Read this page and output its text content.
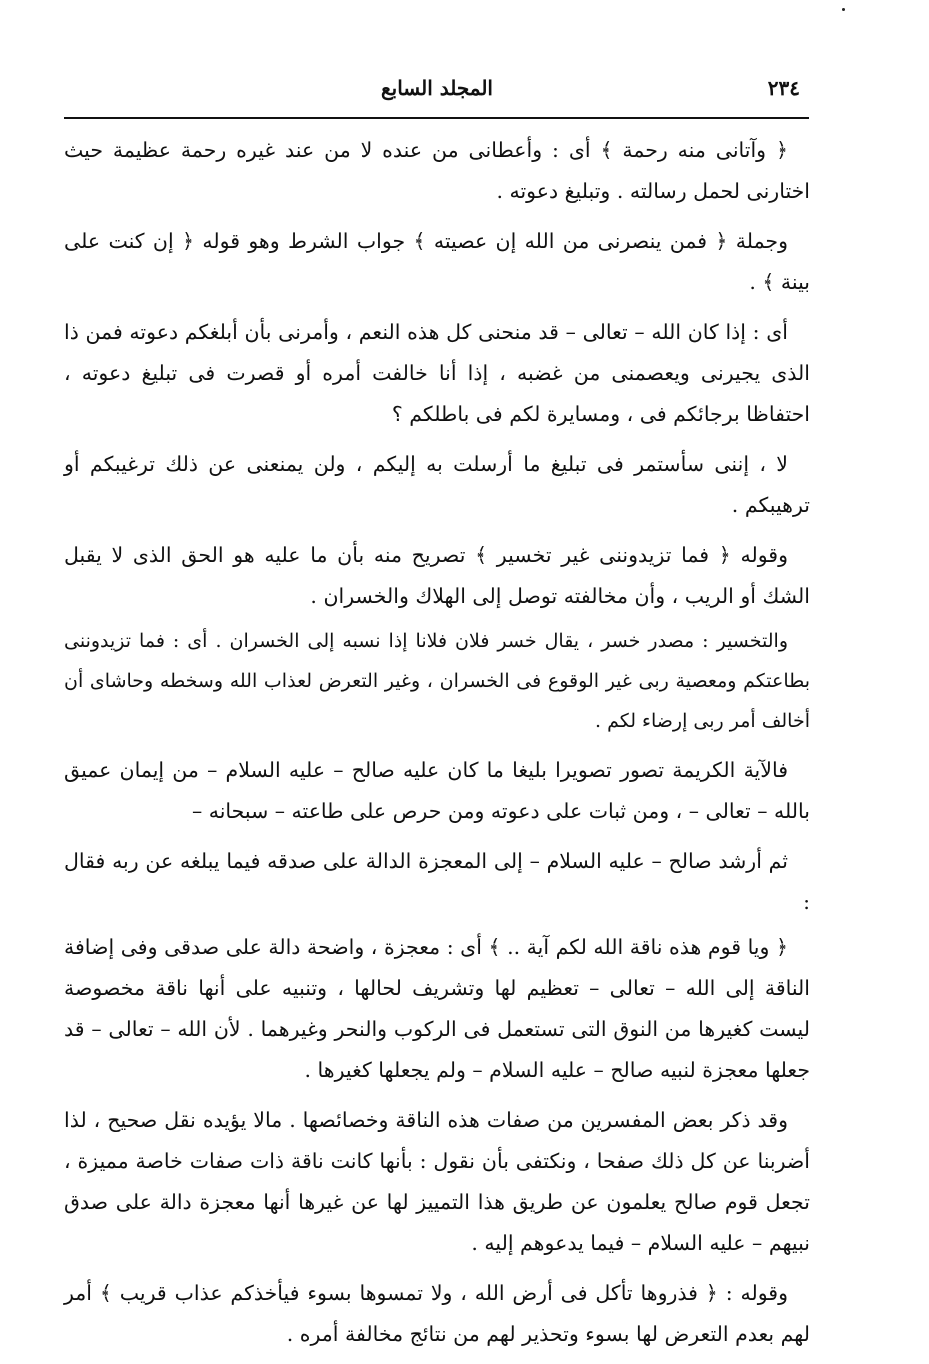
٢٣٤
المجلد السابع

﴿ وآتانى منه رحمة ﴾ أى : وأعطانى من عنده لا من عند غيره رحمة عظيمة حيث اختارنى لحمل رسالته . وتبليغ دعوته .

وجملة ﴿ فمن ينصرنى من الله إن عصيته ﴾ جواب الشرط وهو قوله ﴿ إن كنت على بينة ﴾ .

أى : إذا كان الله – تعالى – قد منحنى كل هذه النعم ، وأمرنى بأن أبلغكم دعوته فمن ذا الذى يجيرنى ويعصمنى من غضبه ، إذا أنا خالفت أمره أو قصرت فى تبليغ دعوته ، احتفاظا برجائكم فى ، ومسايرة لكم فى باطلكم ؟

لا ، إننى سأستمر فى تبليغ ما أرسلت به إليكم ، ولن يمنعنى عن ذلك ترغيبكم أو ترهيبكم .

وقوله ﴿ فما تزيدوننى غير تخسير ﴾ تصريح منه بأن ما عليه هو الحق الذى لا يقبل الشك أو الريب ، وأن مخالفته توصل إلى الهلاك والخسران .

والتخسير : مصدر خسر ، يقال خسر فلان فلانا إذا نسبه إلى الخسران . أى : فما تزيدوننى بطاعتكم ومعصية ربى غير الوقوع فى الخسران ، وغير التعرض لعذاب الله وسخطه وحاشاى أن أخالف أمر ربى إرضاء لكم .

فالآية الكريمة تصور تصويرا بليغا ما كان عليه صالح – عليه السلام – من إيمان عميق بالله – تعالى – ، ومن ثبات على دعوته ومن حرص على طاعته – سبحانه –

ثم أرشد صالح – عليه السلام – إلى المعجزة الدالة على صدقه فيما يبلغه عن ربه فقال :

﴿ ويا قوم هذه ناقة الله لكم آية .. ﴾ أى : معجزة ، واضحة دالة على صدقى وفى إضافة الناقة إلى الله – تعالى – تعظيم لها وتشريف لحالها ، وتنبيه على أنها ناقة مخصوصة ليست كغيرها من النوق التى تستعمل فى الركوب والنحر وغيرهما . لأن الله – تعالى – قد جعلها معجزة لنبيه صالح – عليه السلام – ولم يجعلها كغيرها .

وقد ذكر بعض المفسرين من صفات هذه الناقة وخصائصها . مالا يؤيده نقل صحيح ، لذا أضربنا عن كل ذلك صفحا ، ونكتفى بأن نقول : بأنها كانت ناقة ذات صفات خاصة مميزة ، تجعل قوم صالح يعلمون عن طريق هذا التمييز لها عن غيرها أنها معجزة دالة على صدق نبيهم – عليه السلام – فيما يدعوهم إليه .

وقوله : ﴿ فذروها تأكل فى أرض الله ، ولا تمسوها بسوء فيأخذكم عذاب قريب ﴾ أمر لهم بعدم التعرض لها بسوء وتحذير لهم من نتائج مخالفة أمره .
